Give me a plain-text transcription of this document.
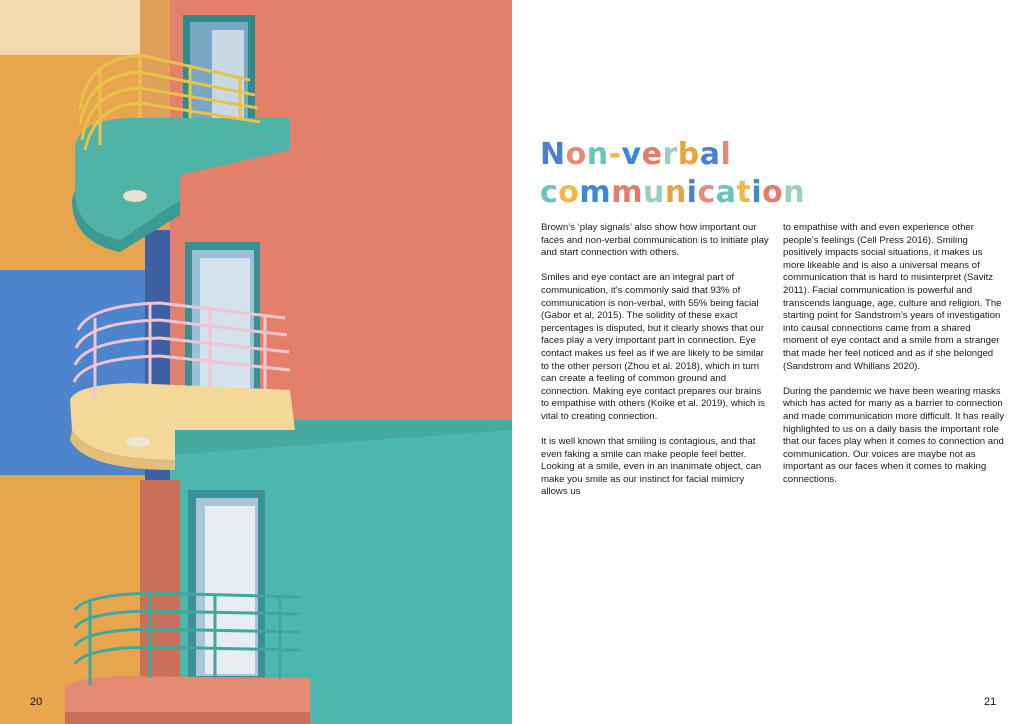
20
Non-verbal
communication

Brown’s ‘play signals’ also show how important our faces and non-verbal communication is to initiate play and start connection with others.

Smiles and eye contact are an integral part of communication, it’s commonly said that 93% of communication is non-verbal, with 55% being facial (Gabor et al, 2015). The solidity of these exact percentages is disputed, but it clearly shows that our faces play a very important part in connection. Eye contact makes us feel as if we are likely to be similar to the other person (Zhou et al. 2018), which in turn can create a feeling of common ground and connection. Making eye contact prepares our brains to empathise with others (Koike et al. 2019), which is vital to creating connection.

It is well known that smiling is contagious, and that even faking a smile can make people feel better. Looking at a smile, even in an inanimate object, can make you smile as our instinct for facial mimicry allows us

to empathise with and even experience other people’s feelings (Cell Press 2016). Smiling positively impacts social situations, it makes us more likeable and is also a universal means of communication that is hard to misinterpret (Savitz 2011). Facial communication is powerful and transcends language, age, culture and religion. The starting point for Sandstrom’s years of investigation into causal connections came from a shared moment of eye contact and a smile from a stranger that made her feel noticed and as if she belonged (Sandstrom and Whillans 2020).

During the pandemic we have been wearing masks which has acted for many as a barrier to connection and made communication more difficult. It has really highlighted to us on a daily basis the important role that our faces play when it comes to connection and communication. Our voices are maybe not as important as our faces when it comes to making connections.

21
